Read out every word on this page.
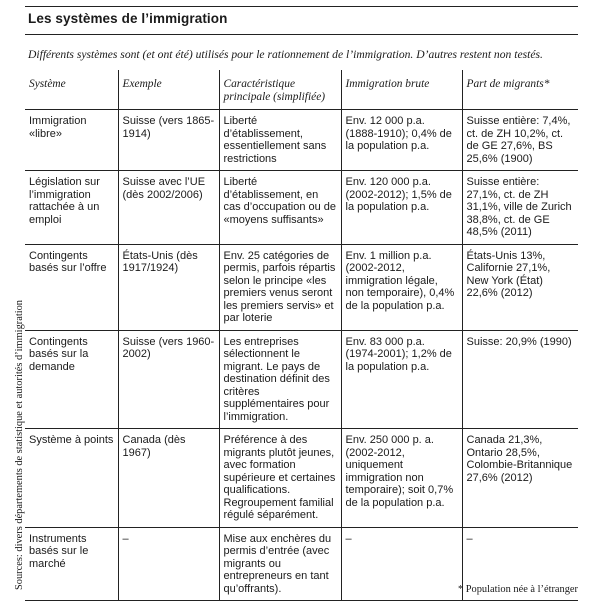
Les systèmes de l’immigration
Différents systèmes sont (et ont été) utilisés pour le rationnement de l’immigration. D’autres restent non testés.
Sources: divers départements de statistique et autorités d’immigration
Système	Exemple	Caractéristique principale (simplifiée)	Immigration brute	Part de migrants*
Immigration «libre»	Suisse (vers 1865-1914)	Liberté d’établissement, essentiellement sans restrictions	Env. 12 000 p.a. (1888-1910); 0,4% de la population p.a.	Suisse entière: 7,4%, ct. de ZH 10,2%, ct. de GE 27,6%, BS 25,6% (1900)
Législation sur l’immigration rattachée à un emploi	Suisse avec l’UE (dès 2002/2006)	Liberté d’établissement, en cas d’occupation ou de «moyens suffisants»	Env. 120 000 p.a. (2002-2012); 1,5% de la population p.a.	Suisse entière: 27,1%, ct. de ZH 31,1%, ville de Zurich 38,8%, ct. de GE 48,5% (2011)
Contingents basés sur l’offre	États-Unis (dès 1917/1924)	Env. 25 catégories de permis, parfois répartis selon le principe «les premiers venus seront les premiers servis» et par loterie	Env. 1 million p.a. (2002-2012, immigration légale, non temporaire), 0,4% de la population p.a.	États-Unis 13%, Californie 27,1%, New York (État) 22,6% (2012)
Contingents basés sur la demande	Suisse (vers 1960-2002)	Les entreprises sélectionnent le migrant. Le pays de destination définit des critères supplémentaires pour l’immigration.	Env. 83 000 p.a. (1974-2001); 1,2% de la population p.a.	Suisse: 20,9% (1990)
Système à points	Canada (dès 1967)	Préférence à des migrants plutôt jeunes, avec formation supérieure et certaines qualifications. Regroupement familial régulé séparément.	Env. 250 000 p. a. (2002-2012, uniquement immigration non temporaire); soit 0,7% de la population p.a.	Canada 21,3%, Ontario 28,5%, Colombie-Britannique 27,6% (2012)
Instruments basés sur le marché	–	Mise aux enchères du permis d’entrée (avec migrants ou entrepreneurs en tant qu’offrants).	–	–
* Population née à l’étranger
